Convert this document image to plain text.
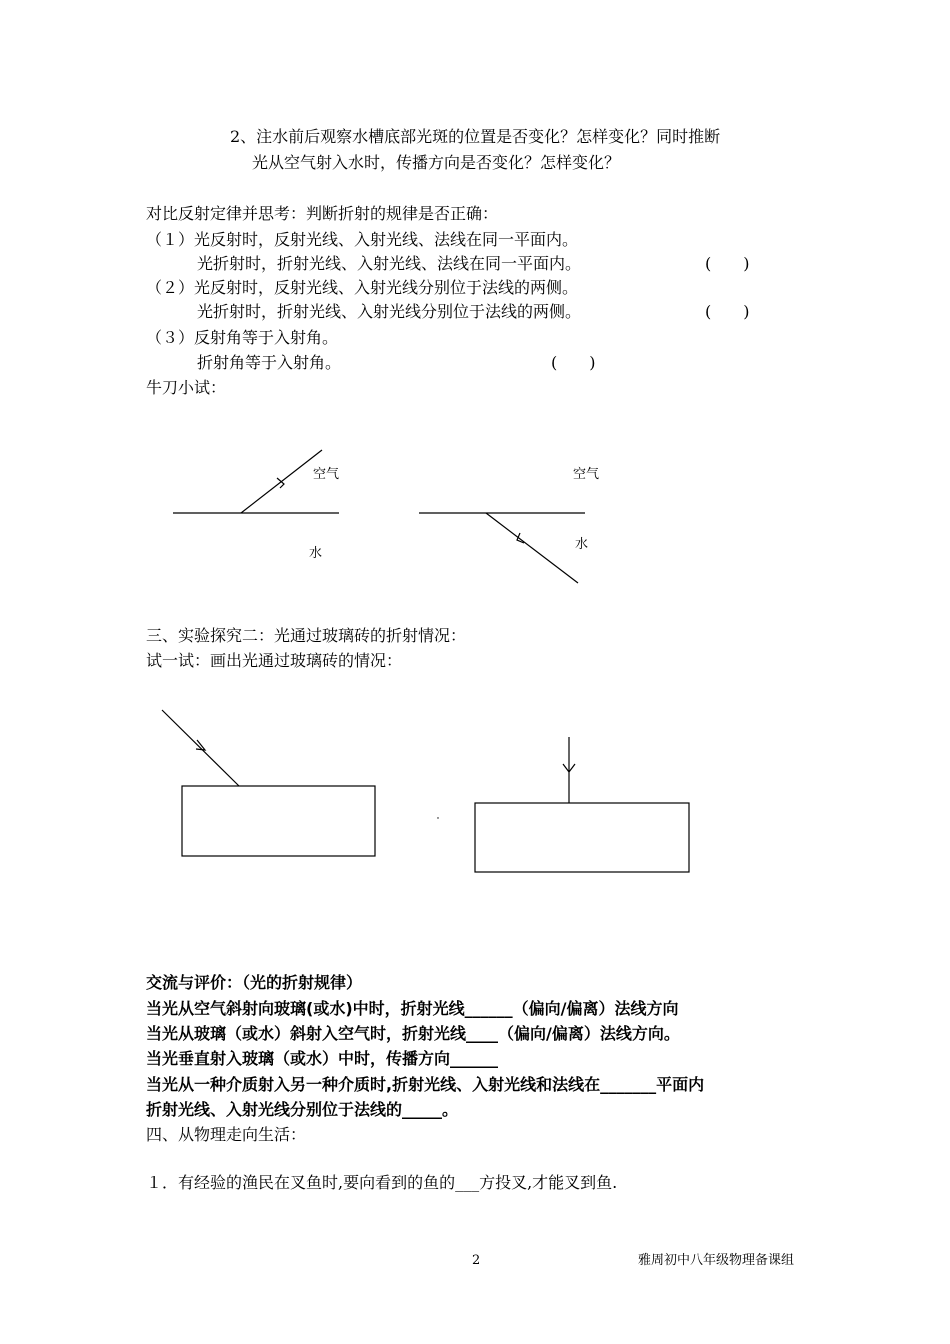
2、注水前后观察水槽底部光斑的位置是否变化？怎样变化？同时推断
光从空气射入水时，传播方向是否变化？怎样变化？
对比反射定律并思考：判断折射的规律是否正确：
（１）光反射时，反射光线、入射光线、法线在同一平面内。
光折射时，折射光线、入射光线、法线在同一平面内。	(　　)
（２）光反射时，反射光线、入射光线分别位于法线的两侧。
光折射时，折射光线、入射光线分别位于法线的两侧。	(　　)
（３）反射角等于入射角。
折射角等于入射角。	(　　)
牛刀小试：
空气
水
空气
水
三、实验探究二：光通过玻璃砖的折射情况：
试一试：画出光通过玻璃砖的情况：
交流与评价：（光的折射规律）
当光从空气斜射向玻璃(或水)中时，折射光线______（偏向/偏离）法线方向
当光从玻璃（或水）斜射入空气时，折射光线____（偏向/偏离）法线方向。
当光垂直射入玻璃（或水）中时，传播方向______
当光从一种介质射入另一种介质时,折射光线、入射光线和法线在_______平面内
折射光线、入射光线分别位于法线的_____。
四、从物理走向生活：
１．有经验的渔民在叉鱼时,要向看到的鱼的___方投叉,才能叉到鱼.
2	雅周初中八年级物理备课组
